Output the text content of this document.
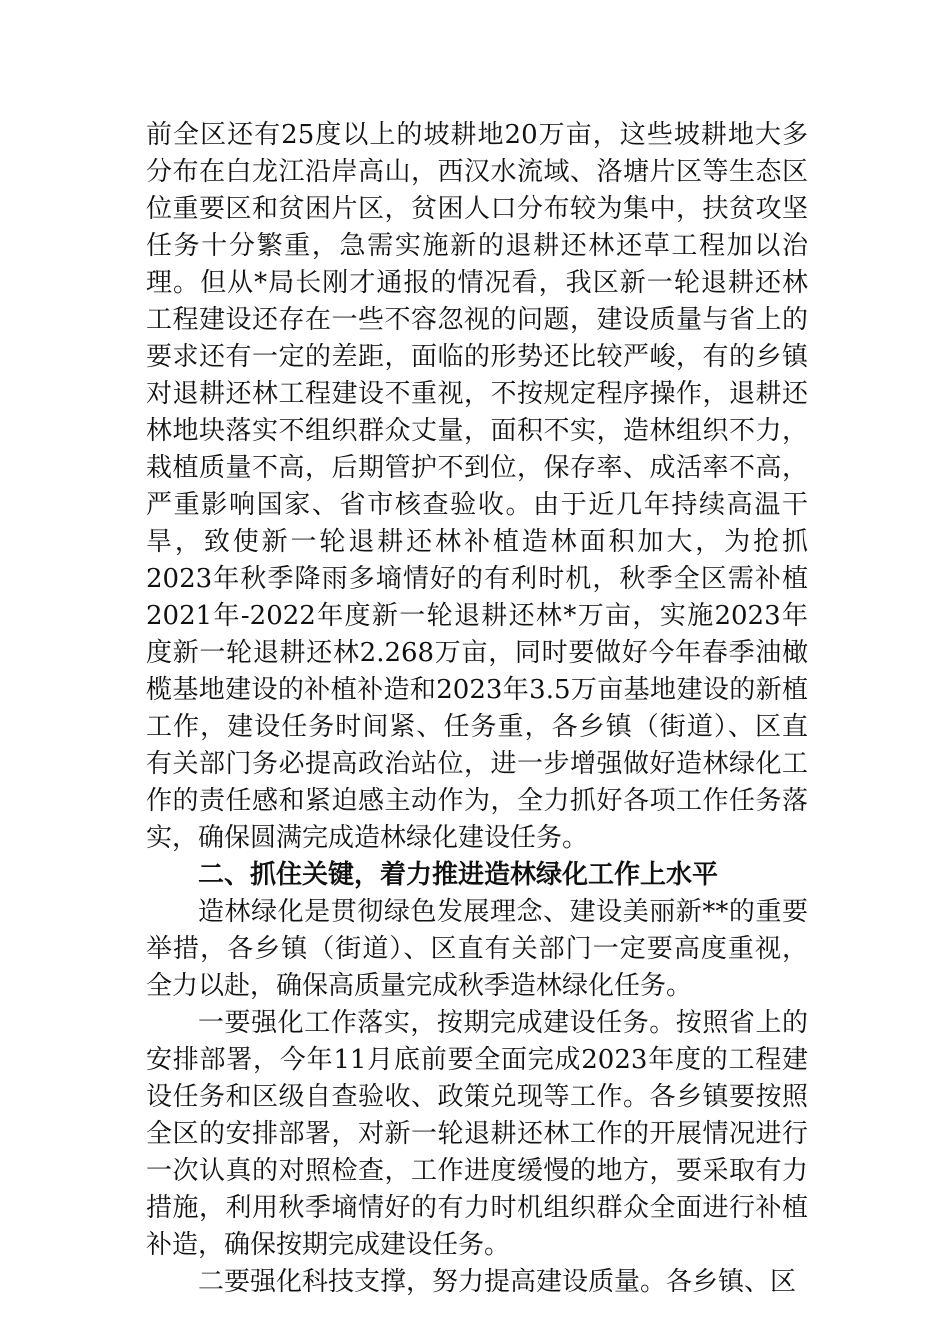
前全区还有25度以上的坡耕地20万亩，这些坡耕地大多分布在白龙江沿岸高山，西汉水流域、洛塘片区等生态区位重要区和贫困片区，贫困人口分布较为集中，扶贫攻坚任务十分繁重，急需实施新的退耕还林还草工程加以治理。但从*局长刚才通报的情况看，我区新一轮退耕还林工程建设还存在一些不容忽视的问题，建设质量与省上的要求还有一定的差距，面临的形势还比较严峻，有的乡镇对退耕还林工程建设不重视，不按规定程序操作，退耕还林地块落实不组织群众丈量，面积不实，造林组织不力，栽植质量不高，后期管护不到位，保存率、成活率不高，严重影响国家、省市核查验收。由于近几年持续高温干旱，致使新一轮退耕还林补植造林面积加大，为抢抓2023年秋季降雨多墒情好的有利时机，秋季全区需补植2021年-2022年度新一轮退耕还林*万亩，实施2023年度新一轮退耕还林2.268万亩，同时要做好今年春季油橄榄基地建设的补植补造和2023年3.5万亩基地建设的新植工作，建设任务时间紧、任务重，各乡镇（街道）、区直有关部门务必提高政治站位，进一步增强做好造林绿化工作的责任感和紧迫感主动作为，全力抓好各项工作任务落实，确保圆满完成造林绿化建设任务。

二、抓住关键，着力推进造林绿化工作上水平

造林绿化是贯彻绿色发展理念、建设美丽新**的重要举措，各乡镇（街道）、区直有关部门一定要高度重视，全力以赴，确保高质量完成秋季造林绿化任务。

一要强化工作落实，按期完成建设任务。按照省上的安排部署，今年11月底前要全面完成2023年度的工程建设任务和区级自查验收、政策兑现等工作。各乡镇要按照全区的安排部署，对新一轮退耕还林工作的开展情况进行一次认真的对照检查，工作进度缓慢的地方，要采取有力措施，利用秋季墒情好的有力时机组织群众全面进行补植补造，确保按期完成建设任务。

二要强化科技支撑，努力提高建设质量。各乡镇、区
